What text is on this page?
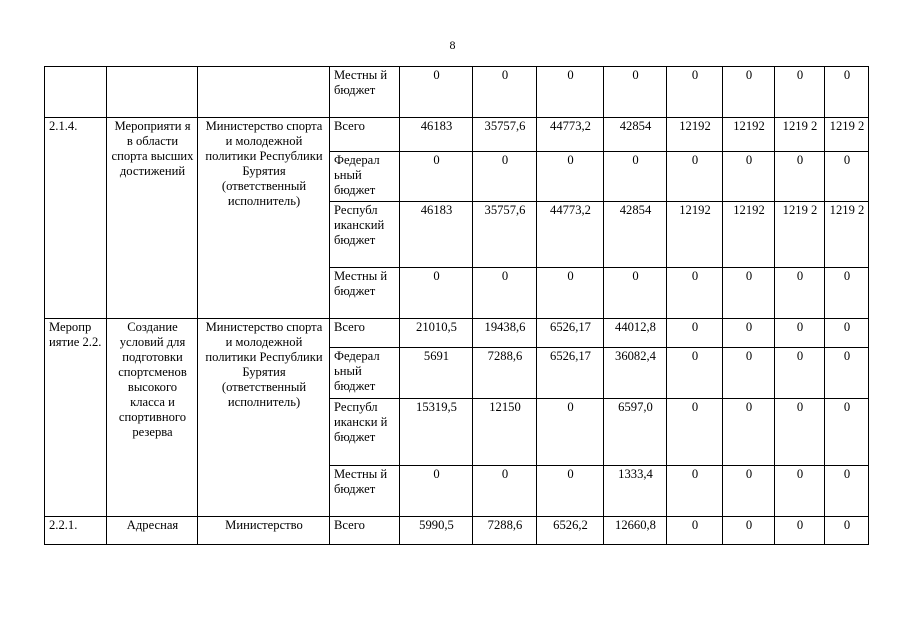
8
			Местны й бюджет	0	0	0	0	0	0	0	0
2.1.4.	Мероприяти я в области спорта высших достижений	Министерство спорта и молодежной политики Республики Бурятия (ответственный исполнитель)	Всего	46183	35757,6	44773,2	42854	12192	12192	1219 2	1219 2
			Федерал ьный бюджет	0	0	0	0	0	0	0	0
			Республ иканский бюджет	46183	35757,6	44773,2	42854	12192	12192	1219 2	1219 2
			Местны й бюджет	0	0	0	0	0	0	0	0
Меропр иятие 2.2.	Создание условий для подготовки спортсменов высокого класса и спортивного резерва	Министерство спорта и молодежной политики Республики Бурятия (ответственный исполнитель)	Всего	21010,5	19438,6	6526,17	44012,8	0	0	0	0
			Федерал ьный бюджет	5691	7288,6	6526,17	36082,4	0	0	0	0
			Республ икански й бюджет	15319,5	12150	0	6597,0	0	0	0	0
			Местны й бюджет	0	0	0	1333,4	0	0	0	0
2.2.1.	Адресная	Министерство	Всего	5990,5	7288,6	6526,2	12660,8	0	0	0	0
